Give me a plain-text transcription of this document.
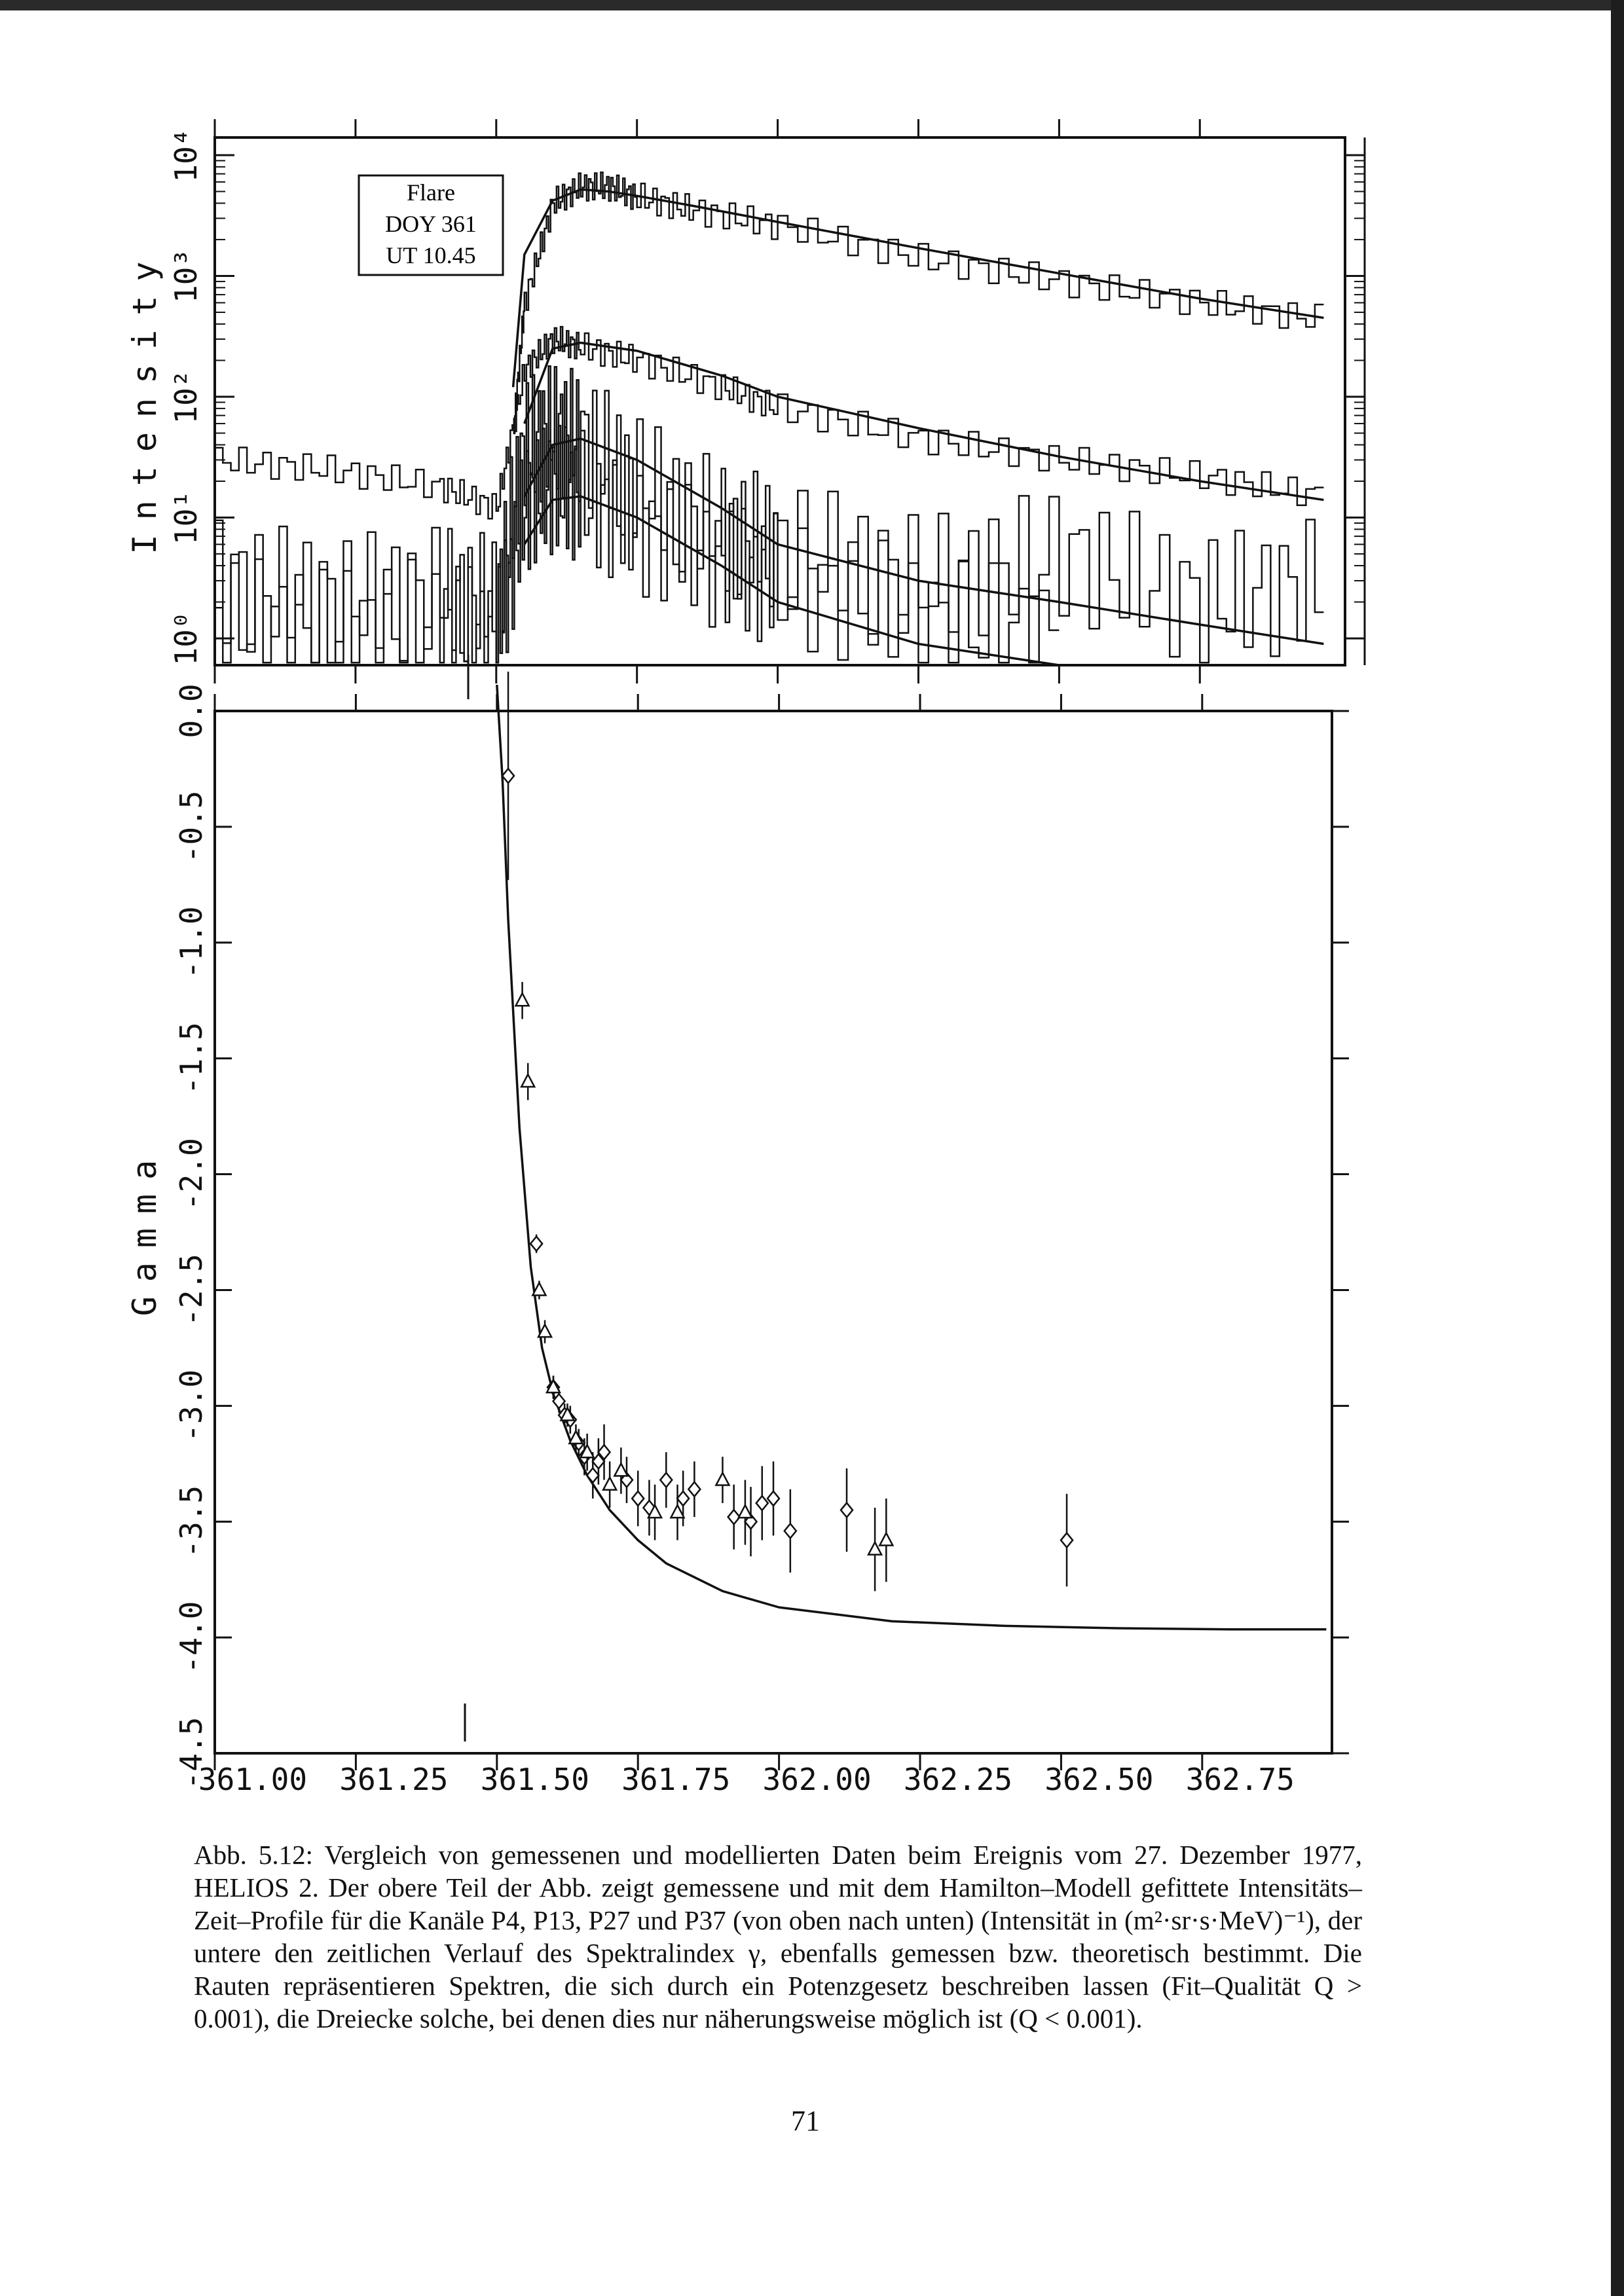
10⁰
10¹
10²
10³
10⁴
Intensity
Flare
DOY 361
UT 10.45
0.0
-0.5
-1.0
-1.5
-2.0
-2.5
-3.0
-3.5
-4.0
-4.5
361.00 361.25 361.50 361.75 362.00 362.25 362.50 362.75
Gamma
Abb. 5.12: Vergleich von gemessenen und modellierten Daten beim Ereignis vom 27. Dezember 1977, HELIOS 2. Der obere Teil der Abb. zeigt gemessene und mit dem Hamilton–Modell gefittete Intensitäts–Zeit–Profile für die Kanäle P4, P13, P27 und P37 (von oben nach unten) (Intensität in (m²·sr·s·MeV)⁻¹), der untere den zeitlichen Verlauf des Spektralindex γ, ebenfalls gemessen bzw. theoretisch bestimmt. Die Rauten repräsentieren Spektren, die sich durch ein Potenzgesetz beschreiben lassen (Fit–Qualität Q > 0.001), die Dreiecke solche, bei denen dies nur näherungsweise möglich ist (Q < 0.001).
71
